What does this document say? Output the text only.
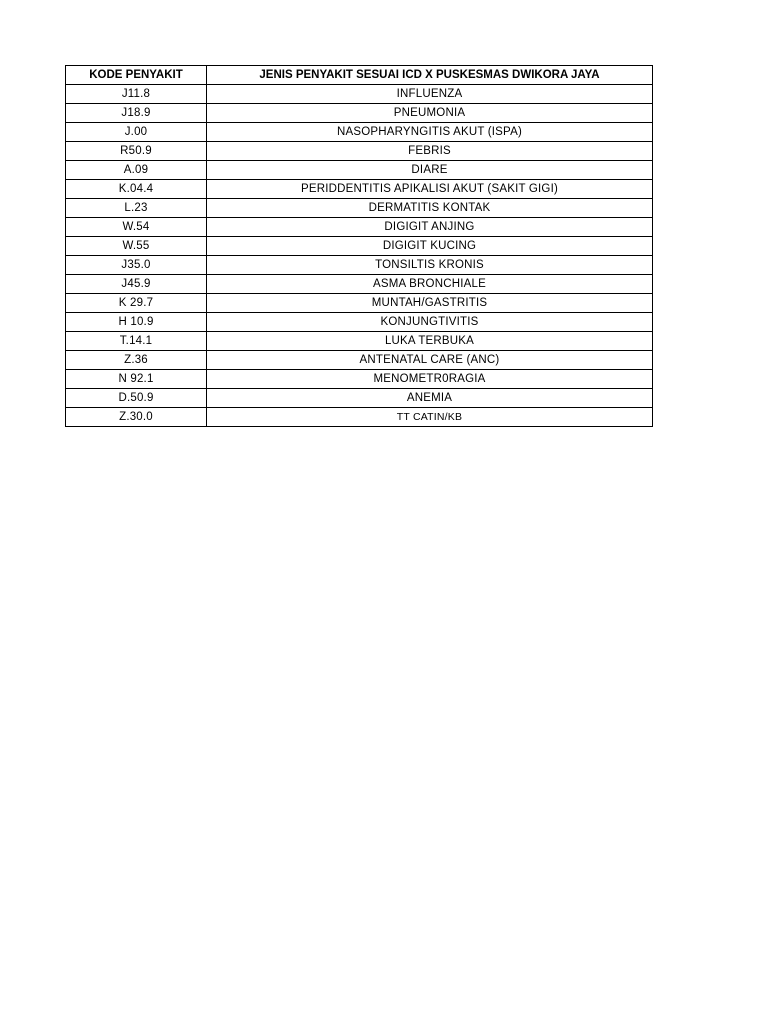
KODE PENYAKIT	JENIS PENYAKIT SESUAI ICD X PUSKESMAS DWIKORA JAYA
J11.8	INFLUENZA
J18.9	PNEUMONIA
J.00	NASOPHARYNGITIS AKUT (ISPA)
R50.9	FEBRIS
A.09	DIARE
K.04.4	PERIDDENTITIS APIKALISI AKUT (SAKIT GIGI)
L.23	DERMATITIS KONTAK
W.54	DIGIGIT ANJING
W.55	DIGIGIT KUCING
J35.0	TONSILTIS KRONIS
J45.9	ASMA BRONCHIALE
K 29.7	MUNTAH/GASTRITIS
H 10.9	KONJUNGTIVITIS
T.14.1	LUKA TERBUKA
Z.36	ANTENATAL CARE (ANC)
N 92.1	MENOMETR0RAGIA
D.50.9	ANEMIA
Z.30.0	TT CATIN/KB
